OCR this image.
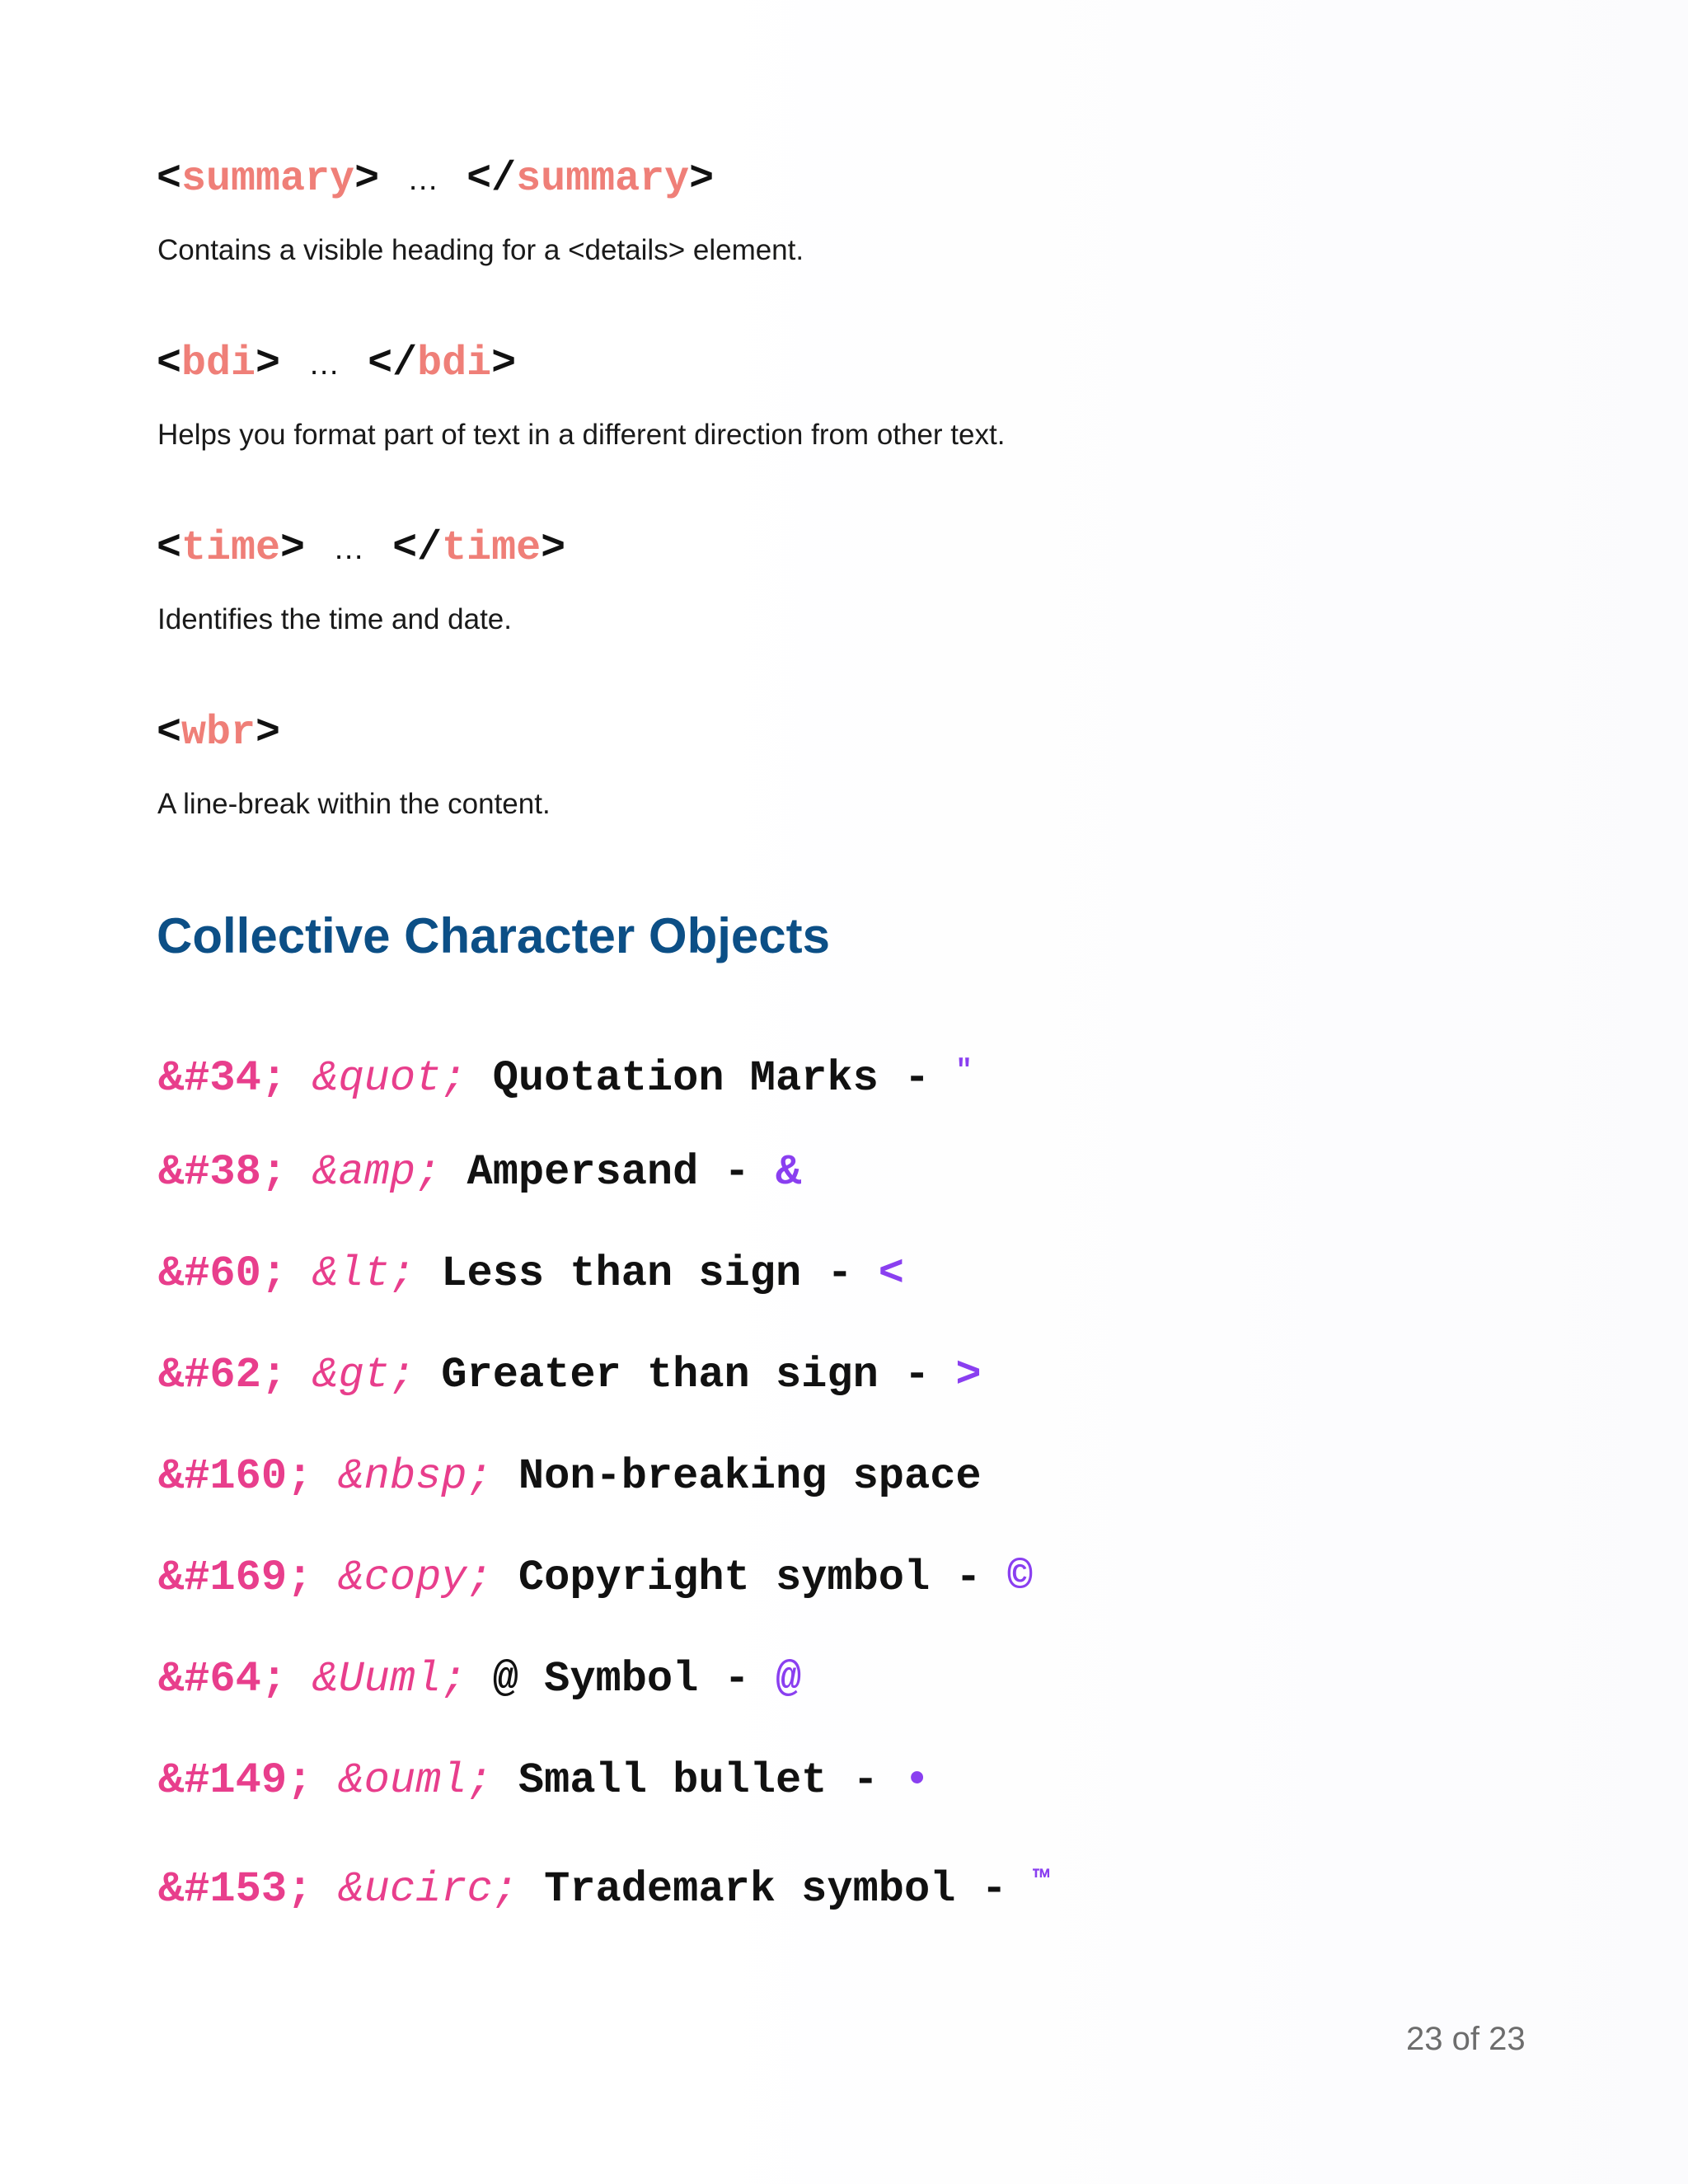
<summary> … </summary>

Contains a visible heading for a <details> element.

<bdi> … </bdi>

Helps you format part of text in a different direction from other text.

<time> … </time>

Identifies the time and date.

<wbr>

A line-break within the content.

Collective Character Objects

&#34; &quot; Quotation Marks - "

&#38; &amp; Ampersand - &

&#60; &lt; Less than sign - <

&#62; &gt; Greater than sign - >

&#160; &nbsp; Non-breaking space

&#169; &copy; Copyright symbol - ©

&#64; &Uuml; @ Symbol - @

&#149; &ouml; Small bullet - •

&#153; &ucirc; Trademark symbol - ™

23 of 23
